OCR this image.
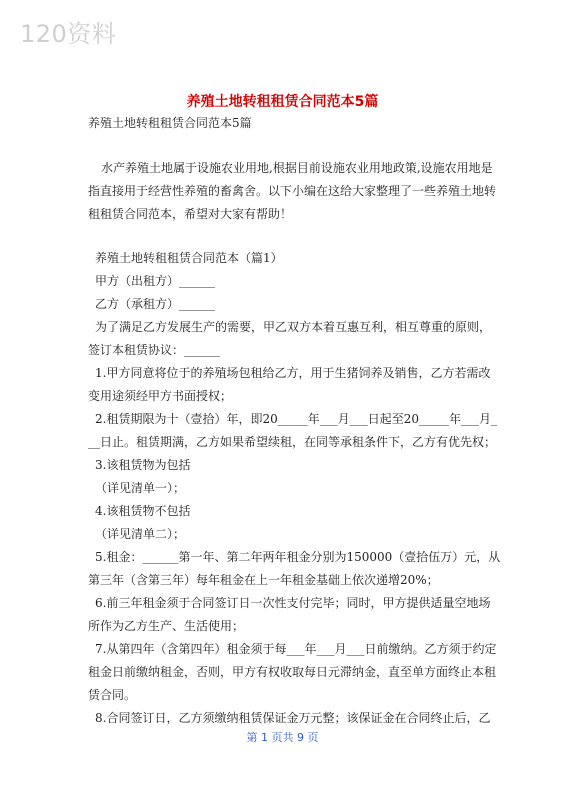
120资料
养殖土地转租租赁合同范本5篇
养殖土地转租租赁合同范本5篇
水产养殖土地属于设施农业用地,根据目前设施农业用地政策,设施农用地是
指直接用于经营性养殖的畜禽舍。以下小编在这给大家整理了一些养殖土地转
租租赁合同范本，希望对大家有帮助！
养殖土地转租租赁合同范本（篇1）
甲方（出租方）______
乙方（承租方）______
为了满足乙方发展生产的需要，甲乙双方本着互惠互利，相互尊重的原则，
签订本租赁协议：______
1.甲方同意将位于的养殖场包租给乙方，用于生猪饲养及销售，乙方若需改
变用途须经甲方书面授权；
2.租赁期限为十（壹拾）年，即20_____年___月___日起至20_____年___月_
__日止。租赁期满，乙方如果希望续租，在同等承租条件下，乙方有优先权；
3.该租赁物为包括
（详见清单一）；
4.该租赁物不包括
（详见清单二）；
5.租金：______第一年、第二年两年租金分别为150000（壹拾伍万）元，从
第三年（含第三年）每年租金在上一年租金基础上依次递增20%；
6.前三年租金须于合同签订日一次性支付完毕；同时，甲方提供适量空地场
所作为乙方生产、生活使用；
7.从第四年（含第四年）租金须于每___年___月___日前缴纳。乙方须于约定
租金日前缴纳租金，否则，甲方有权收取每日元滞纳金，直至单方面终止本租
赁合同。
8.合同签订日，乙方须缴纳租赁保证金万元整；该保证金在合同终止后，乙
第 1 页共 9 页
